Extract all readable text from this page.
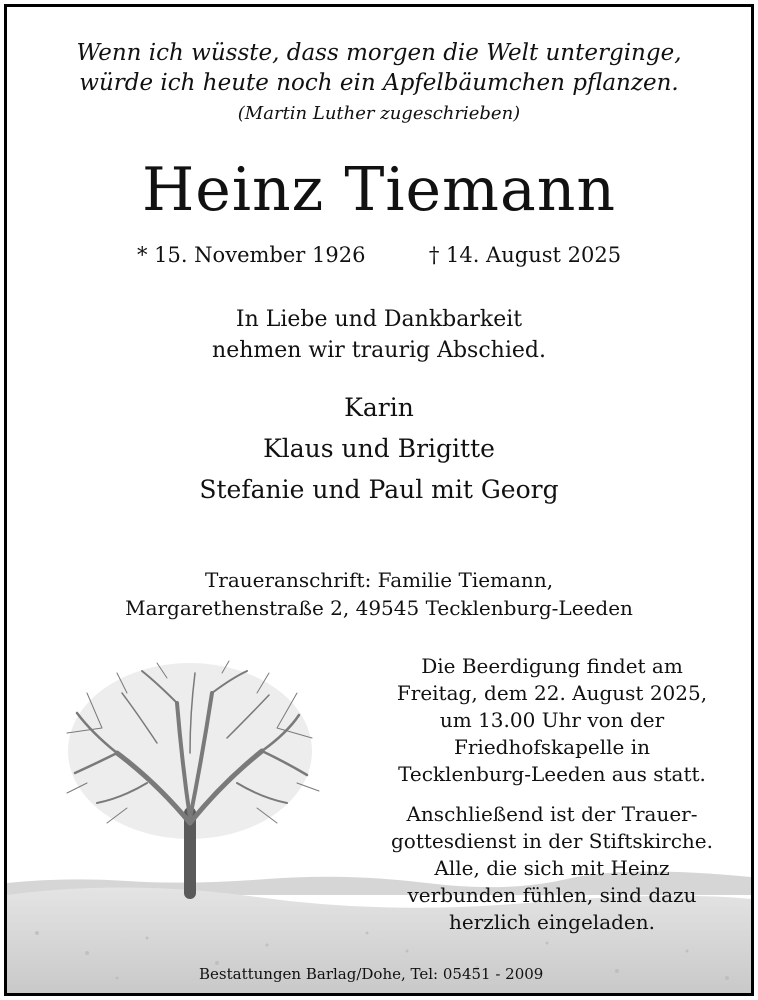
Wenn ich wüsste, dass morgen die Welt unterginge,
würde ich heute noch ein Apfelbäumchen pflanzen.
(Martin Luther zugeschrieben)
Heinz Tiemann
* 15. November 1926	† 14. August 2025
In Liebe und Dankbarkeit
nehmen wir traurig Abschied.
Karin
Klaus und Brigitte
Stefanie und Paul mit Georg
Traueranschrift: Familie Tiemann,
Margarethenstraße 2, 49545 Tecklenburg-Leeden
Die Beerdigung findet am
Freitag, dem 22. August 2025,
um 13.00 Uhr von der
Friedhofskapelle in
Tecklenburg-Leeden aus statt.
Anschließend ist der Trauer-
gottesdienst in der Stiftskirche.
Alle, die sich mit Heinz
verbunden fühlen, sind dazu
herzlich eingeladen.
Bestattungen Barlag/Dohe, Tel: 05451 - 2009
